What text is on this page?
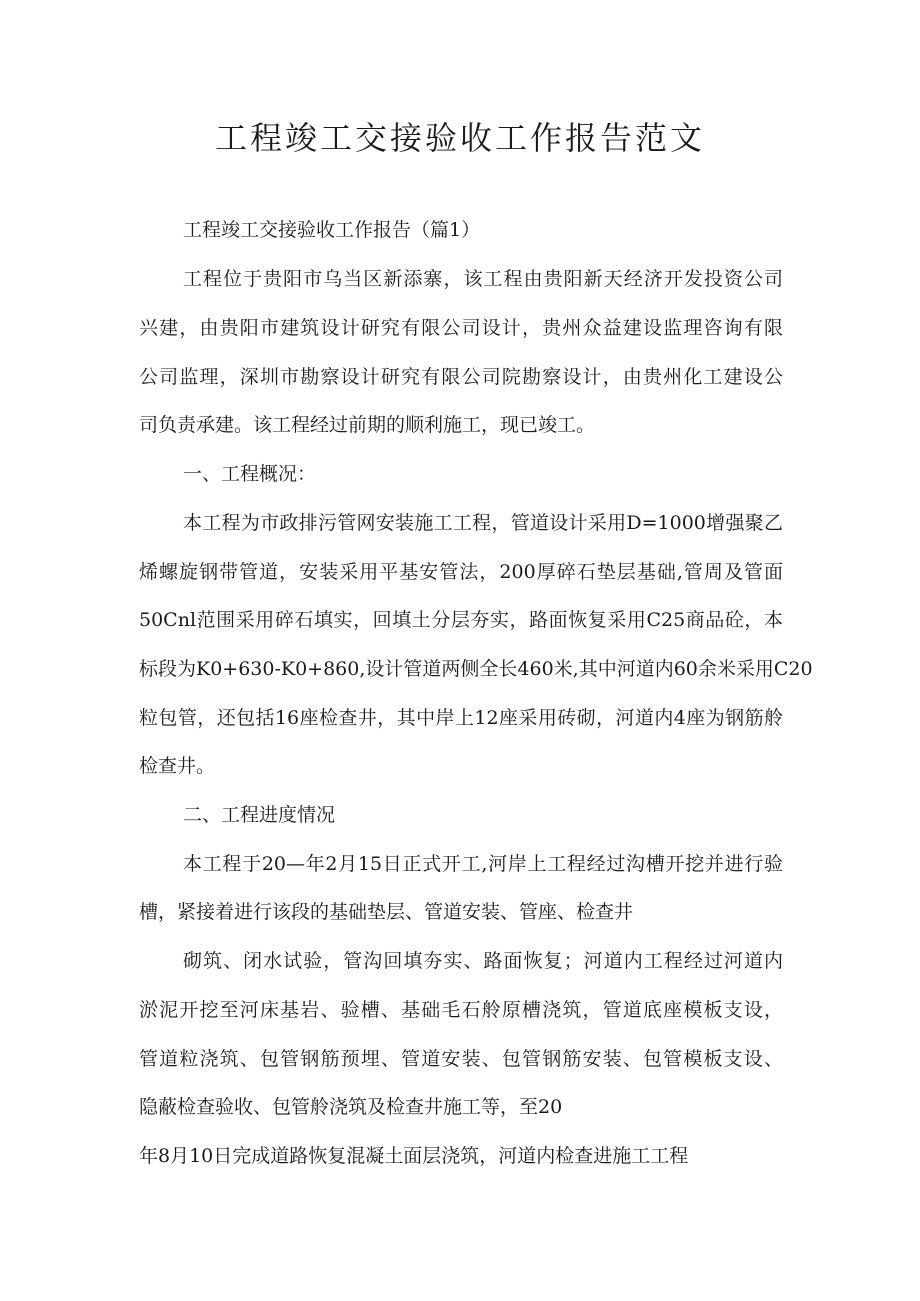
工程竣工交接验收工作报告范文
工程竣工交接验收工作报告（篇1）
工程位于贵阳市乌当区新添寨，该工程由贵阳新天经济开发投资公司
兴建，由贵阳市建筑设计研究有限公司设计，贵州众益建设监理咨询有限
公司监理，深圳市勘察设计研究有限公司院勘察设计，由贵州化工建设公
司负责承建。该工程经过前期的顺利施工，现已竣工。
一、工程概况：
本工程为市政排污管网安装施工工程，管道设计采用D=1000增强聚乙
烯螺旋钢带管道，安装采用平基安管法，200厚碎石垫层基础,管周及管面
50Cnl范围采用碎石填实，回填土分层夯实，路面恢复采用C25商品砼，本
标段为K0+630-K0+860,设计管道两侧全长460米,其中河道内60余米采用C20
粒包管，还包括16座检查井，其中岸上12座采用砖砌，河道内4座为钢筋舲
检查井。
二、工程进度情况
本工程于20—年2月15日正式开工,河岸上工程经过沟槽开挖并进行验
槽，紧接着进行该段的基础垫层、管道安装、管座、检查井
砌筑、闭水试验，管沟回填夯实、路面恢复；河道内工程经过河道内
淤泥开挖至河床基岩、验槽、基础毛石舲原槽浇筑，管道底座模板支设，
管道粒浇筑、包管钢筋预埋、管道安装、包管钢筋安装、包管模板支设、
隐蔽检查验收、包管舲浇筑及检查井施工等，至20
年8月10日完成道路恢复混凝土面层浇筑，河道内检查进施工工程
